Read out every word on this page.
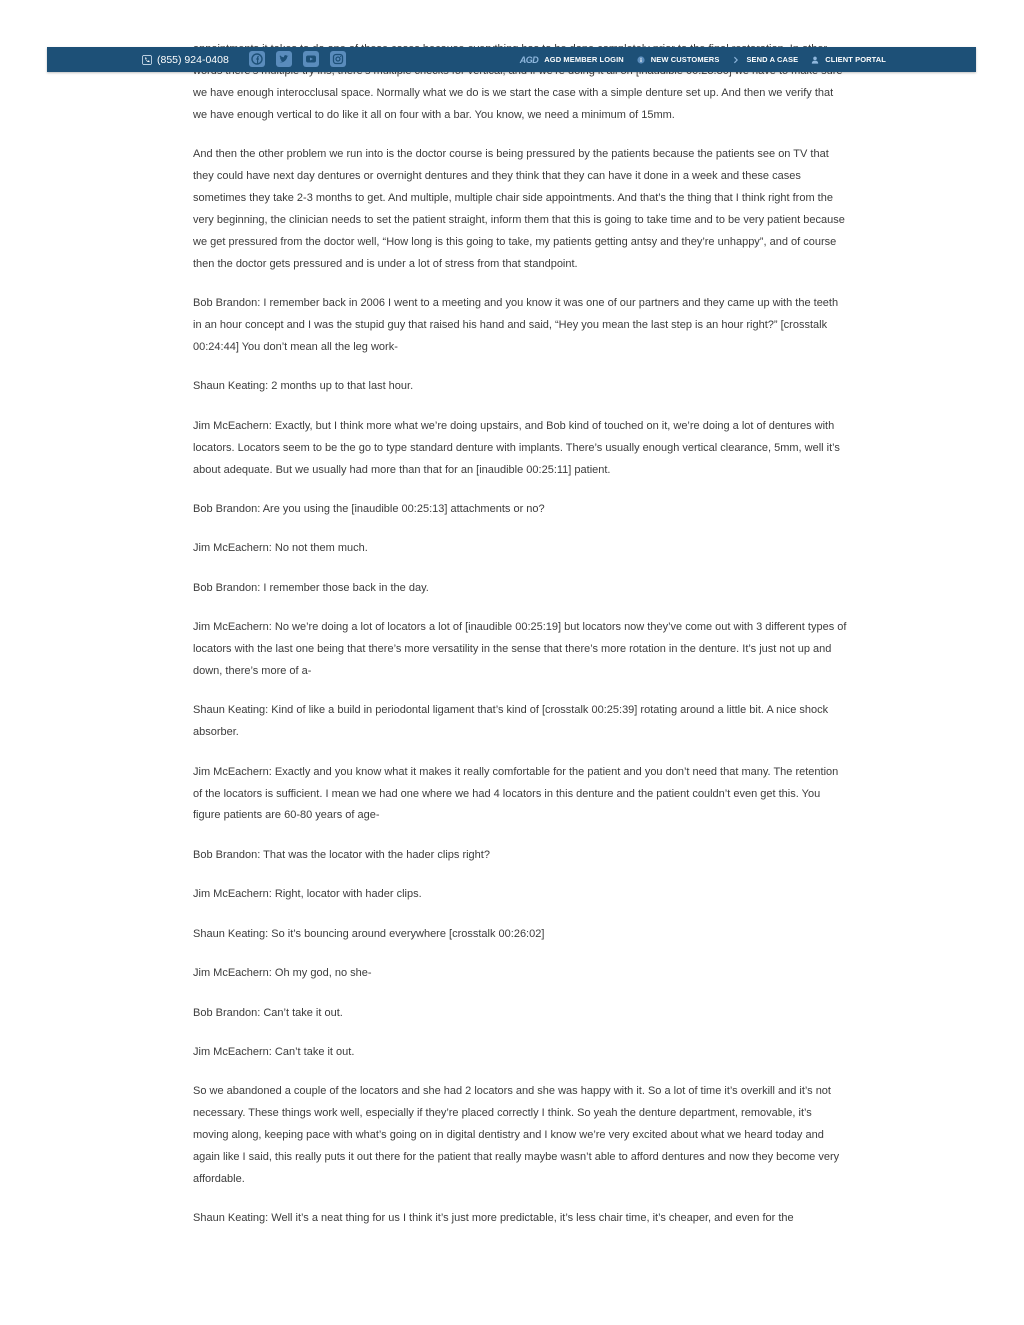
(855) 924-0408	AGD AGD MEMBER LOGIN	NEW CUSTOMERS	SEND A CASE	CLIENT PORTAL

we have enough interocclusal space. Normally what we do is we start the case with a simple denture set up. And then we verify that we have enough vertical to do like it all on four with a bar. You know, we need a minimum of 15mm.

And then the other problem we run into is the doctor course is being pressured by the patients because the patients see on TV that they could have next day dentures or overnight dentures and they think that they can have it done in a week and these cases sometimes they take 2-3 months to get. And multiple, multiple chair side appointments. And that’s the thing that I think right from the very beginning, the clinician needs to set the patient straight, inform them that this is going to take time and to be very patient because we get pressured from the doctor well, “How long is this going to take, my patients getting antsy and they’re unhappy”, and of course then the doctor gets pressured and is under a lot of stress from that standpoint.

Bob Brandon: I remember back in 2006 I went to a meeting and you know it was one of our partners and they came up with the teeth in an hour concept and I was the stupid guy that raised his hand and said, “Hey you mean the last step is an hour right?” [crosstalk 00:24:44] You don’t mean all the leg work-

Shaun Keating: 2 months up to that last hour.

Jim McEachern: Exactly, but I think more what we’re doing upstairs, and Bob kind of touched on it, we’re doing a lot of dentures with locators. Locators seem to be the go to type standard denture with implants. There’s usually enough vertical clearance, 5mm, well it’s about adequate. But we usually had more than that for an [inaudible 00:25:11] patient.

Bob Brandon: Are you using the [inaudible 00:25:13] attachments or no?

Jim McEachern: No not them much.

Bob Brandon: I remember those back in the day.

Jim McEachern: No we’re doing a lot of locators a lot of [inaudible 00:25:19] but locators now they’ve come out with 3 different types of locators with the last one being that there’s more versatility in the sense that there’s more rotation in the denture. It’s just not up and down, there’s more of a-

Shaun Keating: Kind of like a build in periodontal ligament that’s kind of [crosstalk 00:25:39] rotating around a little bit. A nice shock absorber.

Jim McEachern: Exactly and you know what it makes it really comfortable for the patient and you don’t need that many. The retention of the locators is sufficient. I mean we had one where we had 4 locators in this denture and the patient couldn’t even get this. You figure patients are 60-80 years of age-

Bob Brandon: That was the locator with the hader clips right?

Jim McEachern: Right, locator with hader clips.

Shaun Keating: So it’s bouncing around everywhere [crosstalk 00:26:02]

Jim McEachern: Oh my god, no she-

Bob Brandon: Can’t take it out.

Jim McEachern: Can’t take it out.

So we abandoned a couple of the locators and she had 2 locators and she was happy with it. So a lot of time it’s overkill and it’s not necessary. These things work well, especially if they’re placed correctly I think. So yeah the denture department, removable, it’s moving along, keeping pace with what’s going on in digital dentistry and I know we’re very excited about what we heard today and again like I said, this really puts it out there for the patient that really maybe wasn’t able to afford dentures and now they become very affordable.

Shaun Keating: Well it’s a neat thing for us I think it’s just more predictable, it’s less chair time, it’s cheaper, and even for the
